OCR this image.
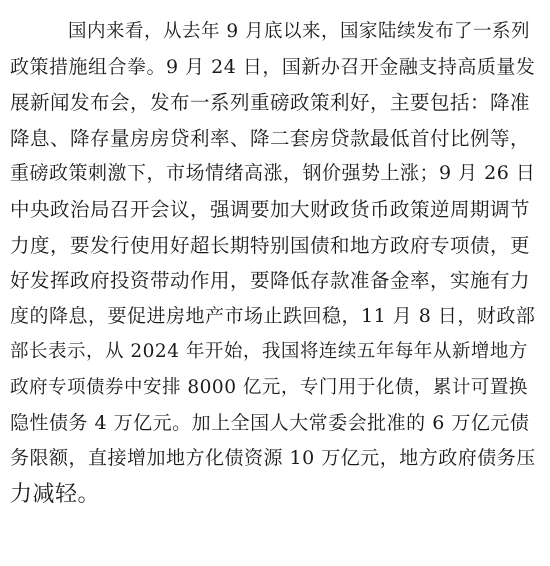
国内来看，从去年 9 月底以来，国家陆续发布了一系列
政策措施组合拳。9 月 24 日，国新办召开金融支持高质量发
展新闻发布会，发布一系列重磅政策利好，主要包括：降准
降息、降存量房房贷利率、降二套房贷款最低首付比例等，
重磅政策刺激下，市场情绪高涨，钢价强势上涨；9 月 26 日
中央政治局召开会议，强调要加大财政货币政策逆周期调节
力度，要发行使用好超长期特别国债和地方政府专项债，更
好发挥政府投资带动作用，要降低存款准备金率，实施有力
度的降息，要促进房地产市场止跌回稳，11 月 8 日，财政部
部长表示，从 2024 年开始，我国将连续五年每年从新增地方
政府专项债券中安排 8000 亿元，专门用于化债，累计可置换
隐性债务 4 万亿元。加上全国人大常委会批准的 6 万亿元债
务限额，直接增加地方化债资源 10 万亿元，地方政府债务压
力减轻。
